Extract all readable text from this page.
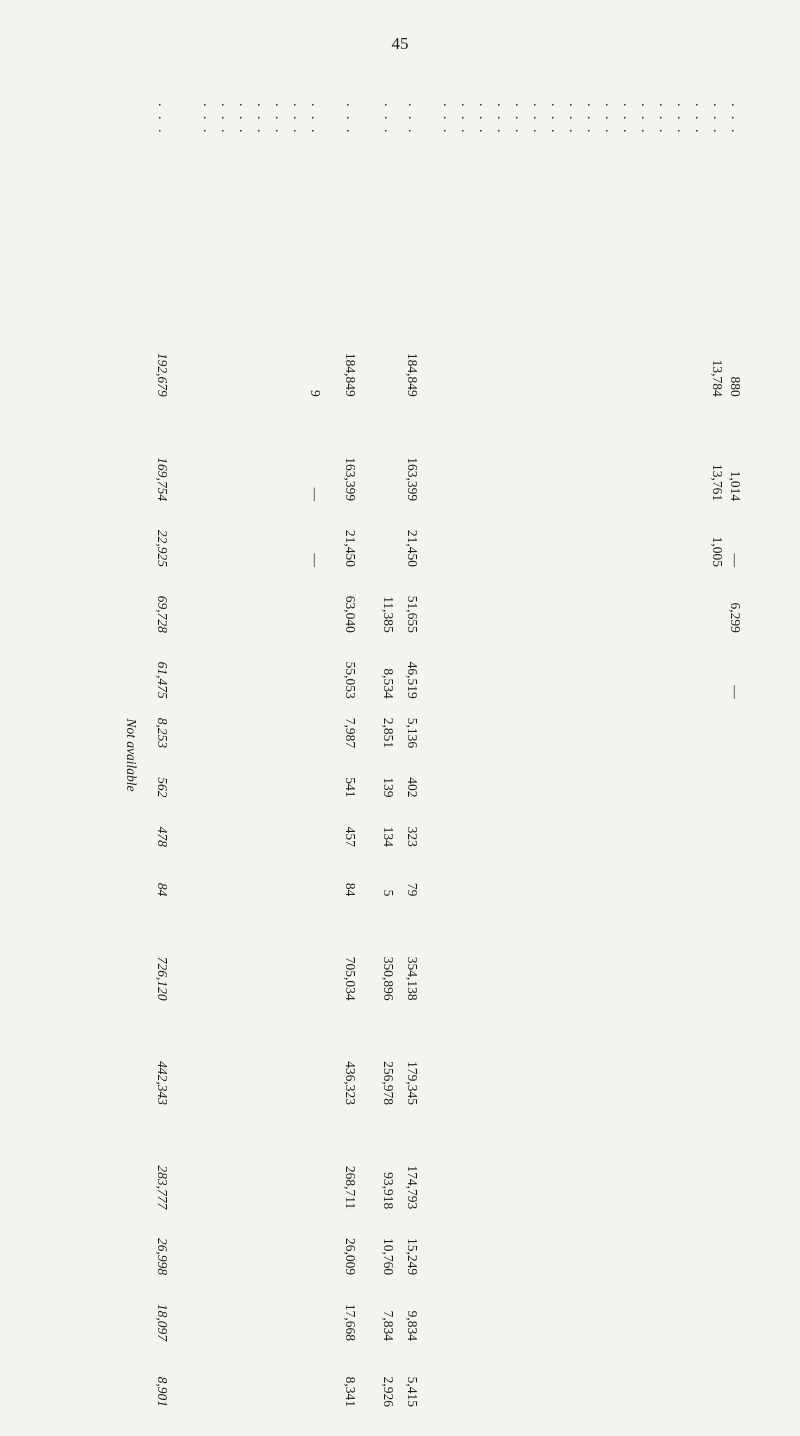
45
. . .		880	1,014	—	6,299	—										
. . .		13,784	13,761	1,005												
. . .																
. . .																
. . .																
. . .																
. . .																
. . .																
. . .																
. . .																
. . .																
. . .																
. . .																
. . .																
. . .																
. . .																
. . .																

. . .		184,849	163,399	21,450	51,655	46,519	5,136	402	323	79	354,138	179,345	174,793	15,249	9,834	5,415
. . .					11,385	8,534	2,851	139	134	5	350,896	256,978	93,918	10,760	7,834	2,926

. . .		184,849	163,399	21,450	63,040	55,053	7,987	541	457	84	705,034	436,323	268,711	26,009	17,668	8,341

. . .		9	—	—												
. . .																
. . .																
. . .																
. . .																
. . .																
. . .																

. . .		192,679	169,754	22,925	69,728	61,475	8,253	562	478	84	726,120	442,343	283,777	26,998	18,097	8,901
Not available																
